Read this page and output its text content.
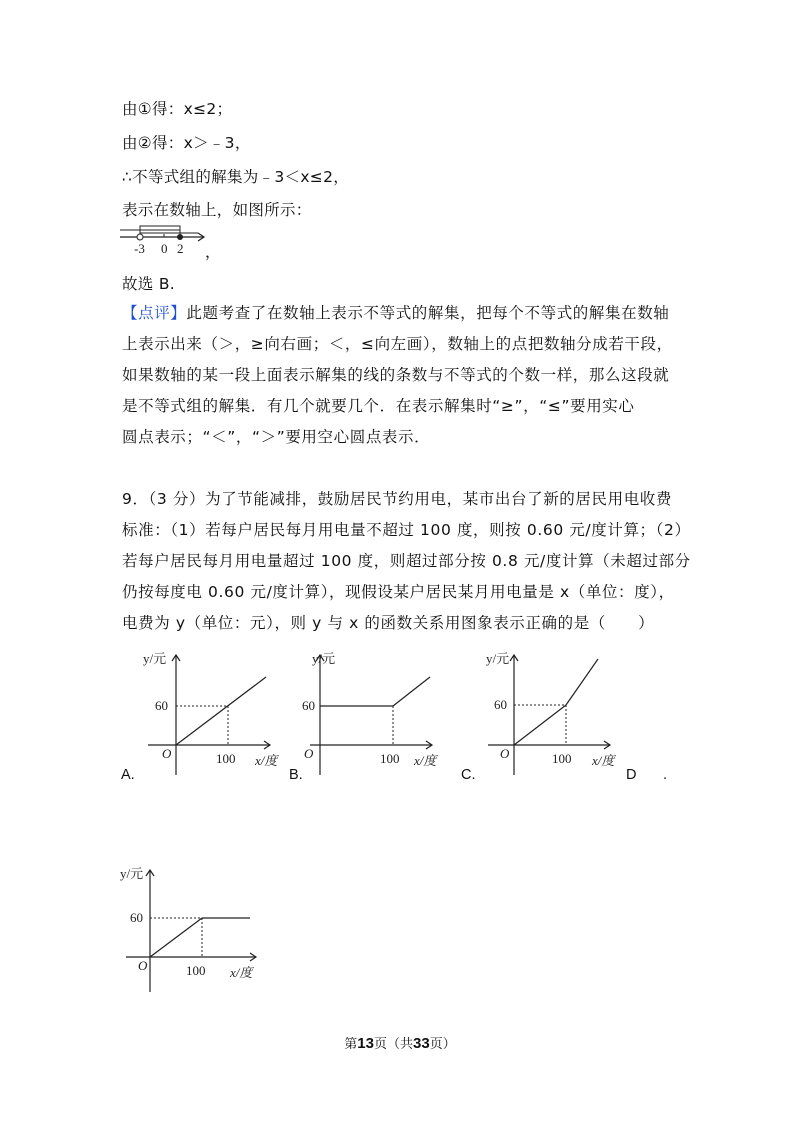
由①得：x≤2；
由②得：x＞﹣3，
∴不等式组的解集为﹣3＜x≤2，
表示在数轴上，如图所示：
-3 0 2 ，
故选 B.
【点评】此题考查了在数轴上表示不等式的解集，把每个不等式的解集在数轴
上表示出来（＞，≥向右画；＜，≤向左画），数轴上的点把数轴分成若干段，
如果数轴的某一段上面表示解集的线的条数与不等式的个数一样，那么这段就
是不等式组的解集．有几个就要几个．在表示解集时“≥”，“≤”要用实心
圆点表示；“＜”，“＞”要用空心圆点表示．
9．（3 分）为了节能减排，鼓励居民节约用电，某市出台了新的居民用电收费
标准：（1）若每户居民每月用电量不超过 100 度，则按 0.60 元/度计算；（2）
若每户居民每月用电量超过 100 度，则超过部分按 0.8 元/度计算（未超过部分
仍按每度电 0.60 元/度计算），现假设某户居民某月用电量是 x（单位：度），
电费为 y（单位：元），则 y 与 x 的函数关系用图象表示正确的是（　　）
y/元
60
O	100 x/度
A.
y/元
60
O	100 x/度
B.
y/元
60
O	100 x/度
C.	D .
y/元
60
O	100 x/度
第13页（共33页）
